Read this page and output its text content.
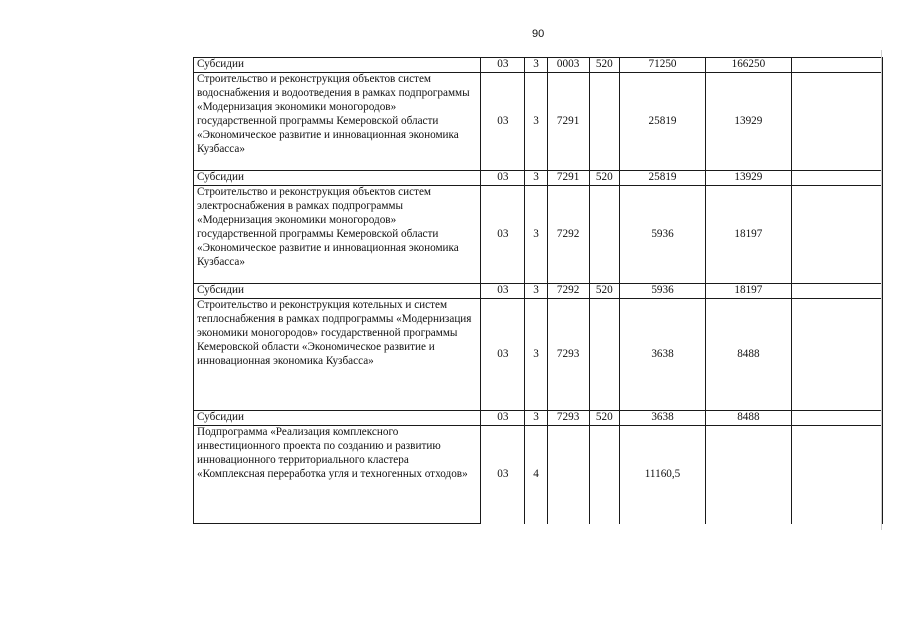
90
Субсидии	03	3	0003	520	71250	166250	
Строительство и реконструкция объектов систем водоснабжения и водоотведения в рамках подпрограммы «Модернизация экономики моногородов» государственной программы Кемеровской области «Экономическое развитие и инновационная экономика Кузбасса»	03	3	7291		25819	13929	
Субсидии	03	3	7291	520	25819	13929	
Строительство и реконструкция объектов систем электроснабжения в рамках подпрограммы «Модернизация экономики моногородов» государственной программы Кемеровской области «Экономическое развитие и инновационная экономика Кузбасса»	03	3	7292		5936	18197	
Субсидии	03	3	7292	520	5936	18197	
Строительство и реконструкция котельных и систем теплоснабжения в рамках подпрограммы «Модернизация экономики моногородов» государственной программы Кемеровской области «Экономическое развитие и инновационная экономика Кузбасса»	03	3	7293		3638	8488	
Субсидии	03	3	7293	520	3638	8488	
Подпрограмма «Реализация комплексного инвестиционного проекта по созданию и развитию инновационного территориального кластера «Комплексная переработка угля и техногенных отходов»	03	4			11160,5		
